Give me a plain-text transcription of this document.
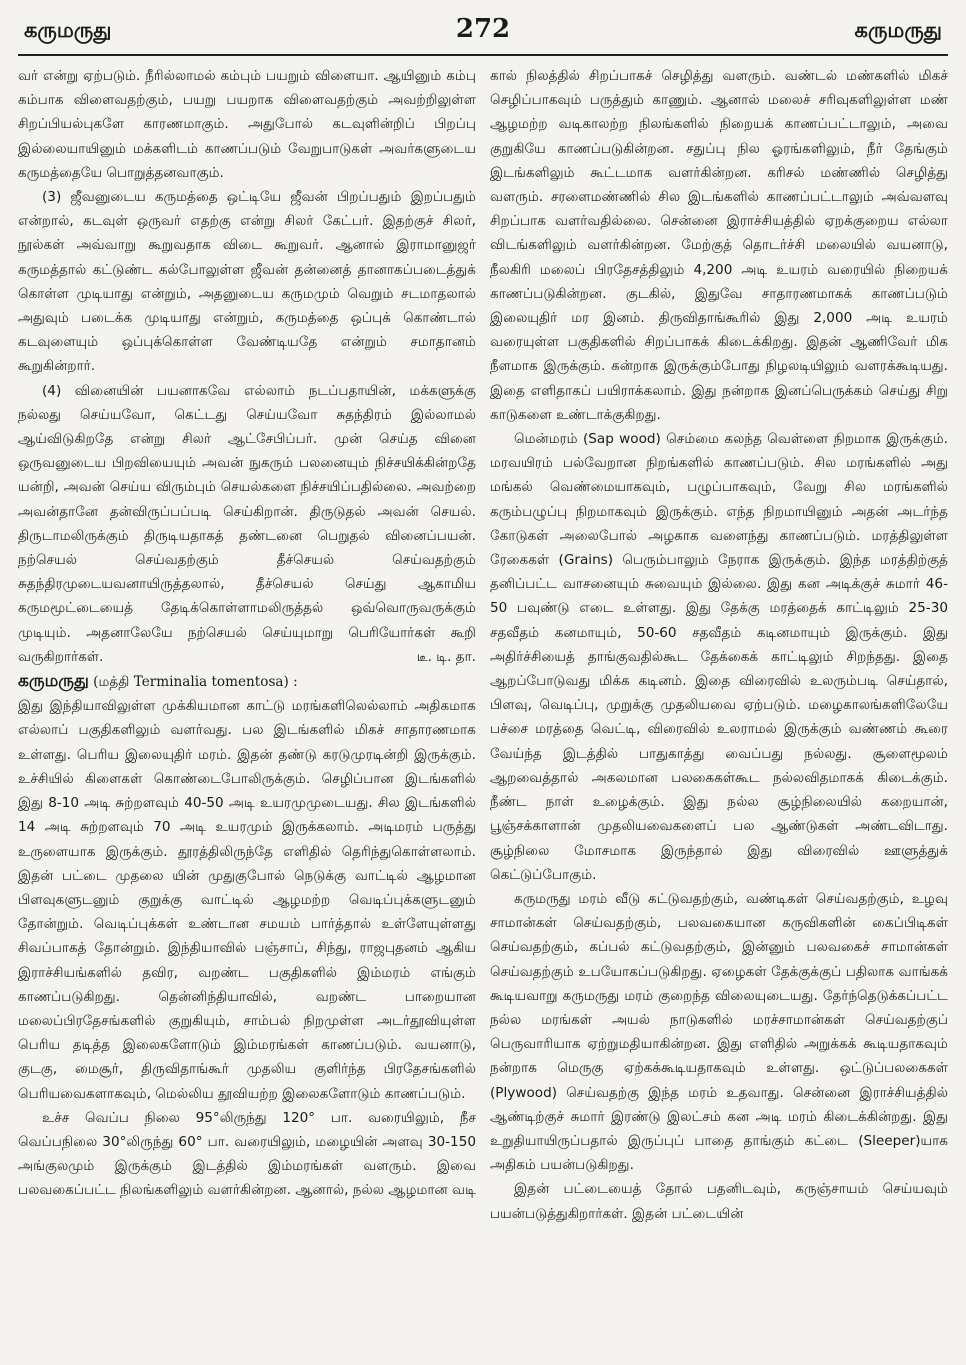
கருமருது	272	கருமருது

வர் என்று ஏற்படும். நீரில்லாமல் கம்பும் பயறும் விளையா. ஆயினும் கம்பு கம்பாக விளைவதற்கும், பயறு பயறாக விளைவதற்கும் அவற்றிலுள்ள சிறப்பியல்புகளே காரணமாகும். அதுபோல் கடவுளின்றிப் பிறப்பு இல்லையாயினும் மக்களிடம் காணப்படும் வேறுபாடுகள் அவர்களுடைய கருமத்தையே பொறுத்தனவாகும்.

(3) ஜீவனுடைய கருமத்தை ஒட்டியே ஜீவன் பிறப்பதும் இறப்பதும் என்றால், கடவுள் ஒருவர் எதற்கு என்று சிலர் கேட்பர். இதற்குச் சிலர், நூல்கள் அவ்வாறு கூறுவதாக விடை கூறுவர். ஆனால் இராமானுஜர் கருமத்தால் கட்டுண்ட கல்போலுள்ள ஜீவன் தன்னைத் தானாகப்படைத்துக் கொள்ள முடியாது என்றும், அதனுடைய கருமமும் வெறும் சடமாதலால் அதுவும் படைக்க முடியாது என்றும், கருமத்தை ஒப்புக் கொண்டால் கடவுளையும் ஒப்புக்கொள்ள வேண்டியதே என்றும் சமாதானம் கூறுகின்றார்.

(4) வினையின் பயனாகவே எல்லாம் நடப்பதாயின், மக்களுக்கு நல்லது செய்யவோ, கெட்டது செய்யவோ சுதந்திரம் இல்லாமல் ஆய்விடுகிறதே என்று சிலர் ஆட்சேபிப்பர். முன் செய்த வினை ஒருவனுடைய பிறவியையும் அவன் நுகரும் பலனையும் நிச்சயிக்கின்றதே யன்றி, அவன் செய்ய விரும்பும் செயல்களை நிச்சயிப்பதில்லை. அவற்றை அவன்தானே தன்விருப்பப்படி செய்கிறான். திருடுதல் அவன் செயல். திருடாமலிருக்கும் திருடியதாகத் தண்டனை பெறுதல் வினைப்பயன். நற்செயல் செய்வதற்கும் தீச்செயல் செய்வதற்கும் சுதந்திரமுடையவனாயிருத்தலால், தீச்செயல் செய்து ஆகாமிய கருமமூட்டையைத் தேடிக்கொள்ளாமலிருத்தல் ஒவ்வொருவருக்கும் முடியும். அதனாலேயே நற்செயல் செய்யுமாறு பெரியோர்கள் கூறி வருகிறார்கள்.	டீ. டி. தா.

கருமருது (மத்தி Terminalia tomentosa) :

இது இந்தியாவிலுள்ள முக்கியமான காட்டு மரங்களிலெல்லாம் அதிகமாக எல்லாப் பகுதிகளிலும் வளர்வது. பல இடங்களில் மிகச் சாதாரணமாக உள்ளது. பெரிய இலையுதிர் மரம். இதன் தண்டு கரடுமுரடின்றி இருக்கும். உச்சியில் கிளைகள் கொண்டைபோலிருக்கும். செழிப்பான இடங்களில் இது 8-10 அடி சுற்றளவும் 40-50 அடி உயரமுமுடையது. சில இடங்களில் 14 அடி சுற்றளவும் 70 அடி உயரமும் இருக்கலாம். அடிமரம் பருத்து உருளையாக இருக்கும். தூரத்திலிருந்தே எளிதில் தெரிந்துகொள்ளலாம். இதன் பட்டை முதலை யின் முதுகுபோல் நெடுக்கு வாட்டில் ஆழமான பிளவுகளுடனும் குறுக்கு வாட்டில் ஆழமற்ற வெடிப்புக்களுடனும் தோன்றும். வெடிப்புக்கள் உண்டான சமயம் பார்த்தால் உள்ளேயுள்ளது சிவப்பாகத் தோன்றும். இந்தியாவில் பஞ்சாப், சிந்து, ராஜபுதனம் ஆகிய இராச்சியங்களில் தவிர, வறண்ட பகுதிகளில் இம்மரம் எங்கும் காணப்படுகிறது. தென்னிந்தியாவில், வறண்ட பாறையான மலைப்பிரதேசங்களில் குறுகியும், சாம்பல் நிறமுள்ள அடர்தூவியுள்ள பெரிய தடித்த இலைகளோடும் இம்மரங்கள் காணப்படும். வயனாடு, குடகு, மைசூர், திருவிதாங்கூர் முதலிய குளிர்ந்த பிரதேசங்களில் பெரியவைகளாகவும், மெல்லிய தூவியற்ற இலைகளோடும் காணப்படும்.

உச்ச வெப்ப நிலை 95°லிருந்து 120° பா. வரையிலும், நீச வெப்பநிலை 30°லிருந்து 60° பா. வரையிலும், மழையின் அளவு 30-150 அங்குலமும் இருக்கும் இடத்தில் இம்மரங்கள் வளரும். இவை பலவகைப்பட்ட நிலங்களிலும் வளர்கின்றன. ஆனால், நல்ல ஆழமான வடி

கால் நிலத்தில் சிறப்பாகச் செழித்து வளரும். வண்டல் மண்களில் மிகச் செழிப்பாகவும் பருத்தும் காணும். ஆனால் மலைச் சரிவுகளிலுள்ள மண் ஆழமற்ற வடிகாலற்ற நிலங்களில் நிறையக் காணப்பட்டாலும், அவை குறுகியே காணப்படுகின்றன. சதுப்பு நில ஓரங்களிலும், நீர் தேங்கும் இடங்களிலும் கூட்டமாக வளர்கின்றன. கரிசல் மண்ணில் செழித்து வளரும். சரளைமண்ணில் சில இடங்களில் காணப்பட்டாலும் அவ்வளவு சிறப்பாக வளர்வதில்லை. சென்னை இராச்சியத்தில் ஏறக்குறைய எல்லா விடங்களிலும் வளர்கின்றன. மேற்குத் தொடர்ச்சி மலையில் வயனாடு, நீலகிரி மலைப் பிரதேசத்திலும் 4,200 அடி உயரம் வரையில் நிறையக் காணப்படுகின்றன. குடகில், இதுவே சாதாரணமாகக் காணப்படும் இலையுதிர் மர இனம். திருவிதாங்கூரில் இது 2,000 அடி உயரம் வரையுள்ள பகுதிகளில் சிறப்பாகக் கிடைக்கிறது. இதன் ஆணிவேர் மிக நீளமாக இருக்கும். கன்றாக இருக்கும்போது நிழலடியிலும் வளரக்கூடியது. இதை எளிதாகப் பயிராக்கலாம். இது நன்றாக இனப்பெருக்கம் செய்து சிறு காடுகளை உண்டாக்குகிறது.

மென்மரம் (Sap wood) செம்மை கலந்த வெள்ளை நிறமாக இருக்கும். மரவயிரம் பல்வேறான நிறங்களில் காணப்படும். சில மரங்களில் அது மங்கல் வெண்மையாகவும், பழுப்பாகவும், வேறு சில மரங்களில் கரும்பழுப்பு நிறமாகவும் இருக்கும். எந்த நிறமாயினும் அதன் அடர்ந்த கோடுகள் அலைபோல் அழகாக வளைந்து காணப்படும். மரத்திலுள்ள ரேகைகள் (Grains) பெரும்பாலும் நேராக இருக்கும். இந்த மரத்திற்குத் தனிப்பட்ட வாசனையும் சுவையும் இல்லை. இது கன அடிக்குச் சுமார் 46-50 பவுண்டு எடை உள்ளது. இது தேக்கு மரத்தைக் காட்டிலும் 25-30 சதவீதம் கனமாயும், 50-60 சதவீதம் கடினமாயும் இருக்கும். இது அதிர்ச்சியைத் தாங்குவதில்கூட தேக்கைக் காட்டிலும் சிறந்தது. இதை ஆறப்போடுவது மிக்க கடினம். இதை விரைவில் உலரும்படி செய்தால், பிளவு, வெடிப்பு, முறுக்கு முதலியவை ஏற்படும். மழைகாலங்களிலேயே பச்சை மரத்தை வெட்டி, விரைவில் உலராமல் இருக்கும் வண்ணம் கூரை வேய்ந்த இடத்தில் பாதுகாத்து வைப்பது நல்லது. சூளைமூலம் ஆறவைத்தால் அகலமான பலகைகள்கூட நல்லவிதமாகக் கிடைக்கும். நீண்ட நாள் உழைக்கும். இது நல்ல சூழ்நிலையில் கறையான், பூஞ்சக்காளான் முதலியவைகளைப் பல ஆண்டுகள் அண்டவிடாது. சூழ்நிலை மோசமாக இருந்தால் இது விரைவில் ஊளுத்துக் கெட்டுப்போகும்.

கருமருது மரம் வீடு கட்டுவதற்கும், வண்டிகள் செய்வதற்கும், உழவு சாமான்கள் செய்வதற்கும், பலவகையான கருவிகளின் கைப்பிடிகள் செய்வதற்கும், கப்பல் கட்டுவதற்கும், இன்னும் பலவகைச் சாமான்கள் செய்வதற்கும் உபயோகப்படுகிறது. ஏழைகள் தேக்குக்குப் பதிலாக வாங்கக் கூடியவாறு கருமருது மரம் குறைந்த விலையுடையது. தேர்ந்தெடுக்கப்பட்ட நல்ல மரங்கள் அயல் நாடுகளில் மரச்சாமான்கள் செய்வதற்குப் பெருவாரியாக ஏற்றுமதியாகின்றன. இது எளிதில் அறுக்கக் கூடியதாகவும் நன்றாக மெருகு ஏற்கக்கூடியதாகவும் உள்ளது. ஒட்டுப்பலகைகள் (Plywood) செய்வதற்கு இந்த மரம் உதவாது. சென்னை இராச்சியத்தில் ஆண்டிற்குச் சுமார் இரண்டு இலட்சம் கன அடி மரம் கிடைக்கின்றது. இது உறுதியாயிருப்பதால் இருப்புப் பாதை தாங்கும் கட்டை (Sleeper)யாக அதிகம் பயன்படுகிறது.

இதன் பட்டையைத் தோல் பதனிடவும், கருஞ்சாயம் செய்யவும் பயன்படுத்துகிறார்கள். இதன் பட்டையின்
